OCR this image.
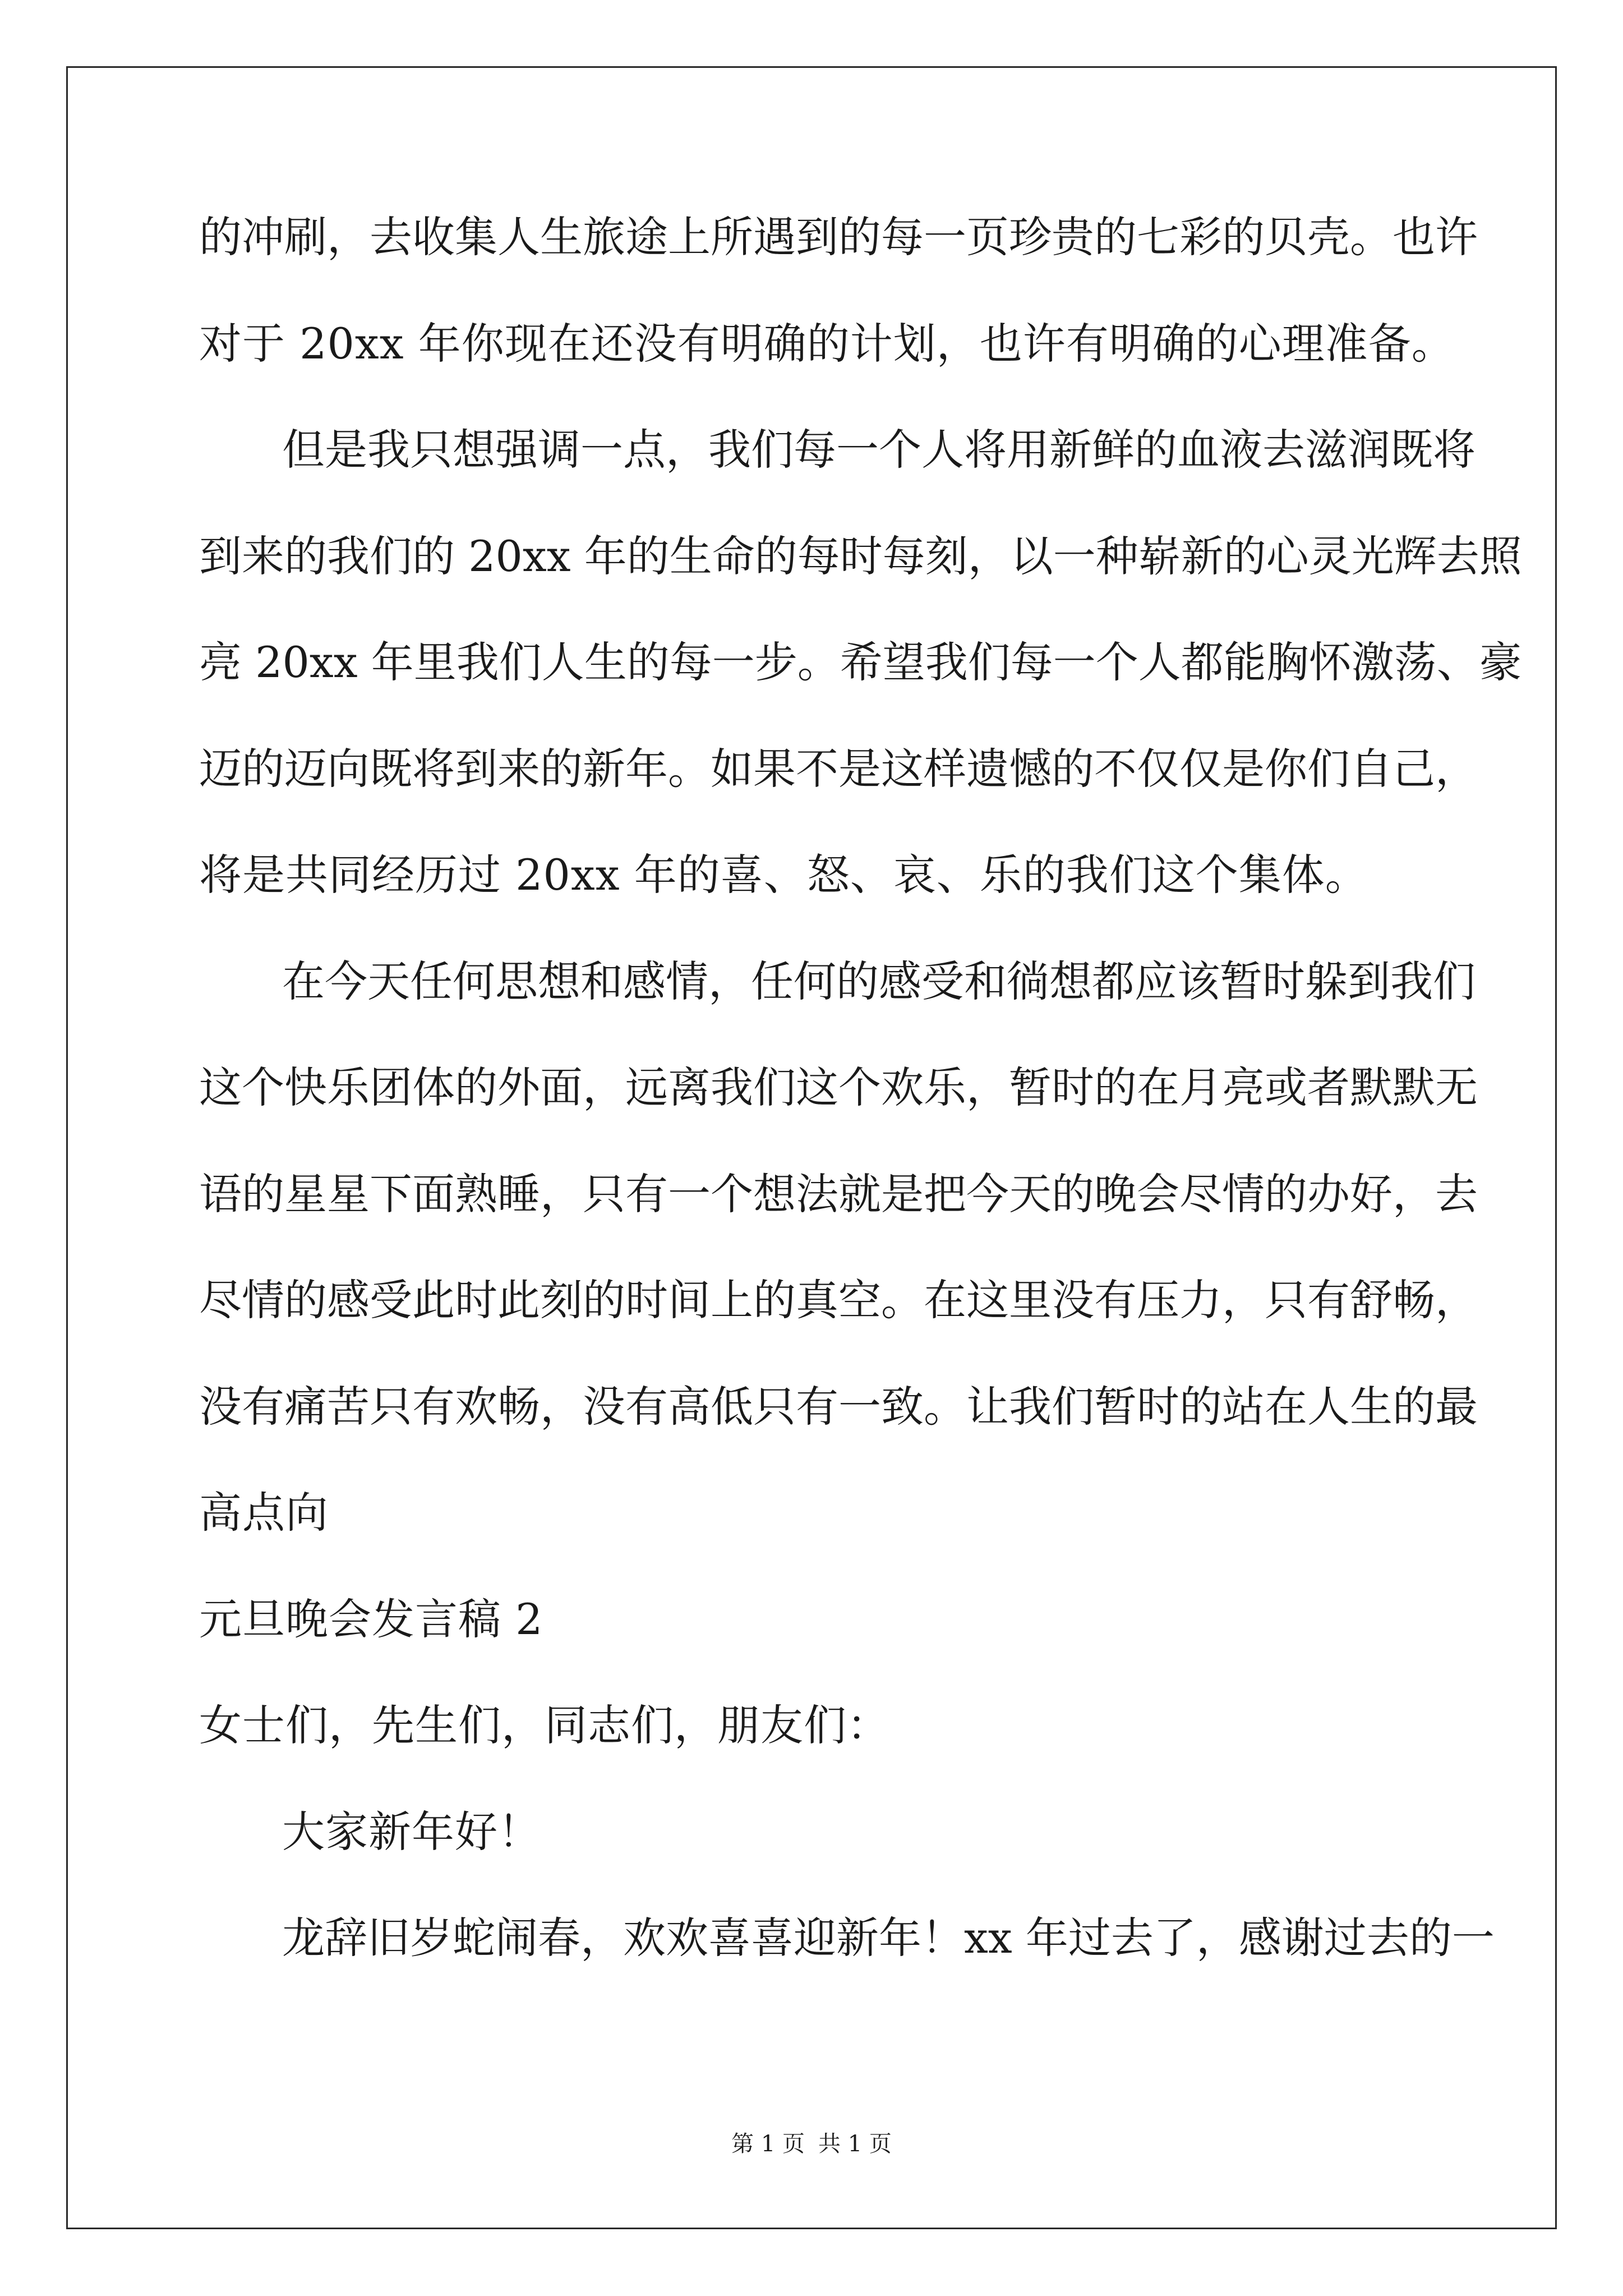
的冲刷，去收集人生旅途上所遇到的每一页珍贵的七彩的贝壳。也许
对于 20xx 年你现在还没有明确的计划，也许有明确的心理准备。
但是我只想强调一点，我们每一个人将用新鲜的血液去滋润既将
到来的我们的 20xx 年的生命的每时每刻，以一种崭新的心灵光辉去照
亮 20xx 年里我们人生的每一步。希望我们每一个人都能胸怀激荡、豪
迈的迈向既将到来的新年。如果不是这样遗憾的不仅仅是你们自己，
将是共同经历过 20xx 年的喜、怒、哀、乐的我们这个集体。
在今天任何思想和感情，任何的感受和徜想都应该暂时躲到我们
这个快乐团体的外面，远离我们这个欢乐，暂时的在月亮或者默默无
语的星星下面熟睡，只有一个想法就是把今天的晚会尽情的办好，去
尽情的感受此时此刻的时间上的真空。在这里没有压力，只有舒畅，
没有痛苦只有欢畅，没有高低只有一致。让我们暂时的站在人生的最
高点向
元旦晚会发言稿 2
女士们，先生们，同志们，朋友们：
大家新年好！
龙辞旧岁蛇闹春，欢欢喜喜迎新年！xx 年过去了，感谢过去的一
第 1 页 共 1 页
